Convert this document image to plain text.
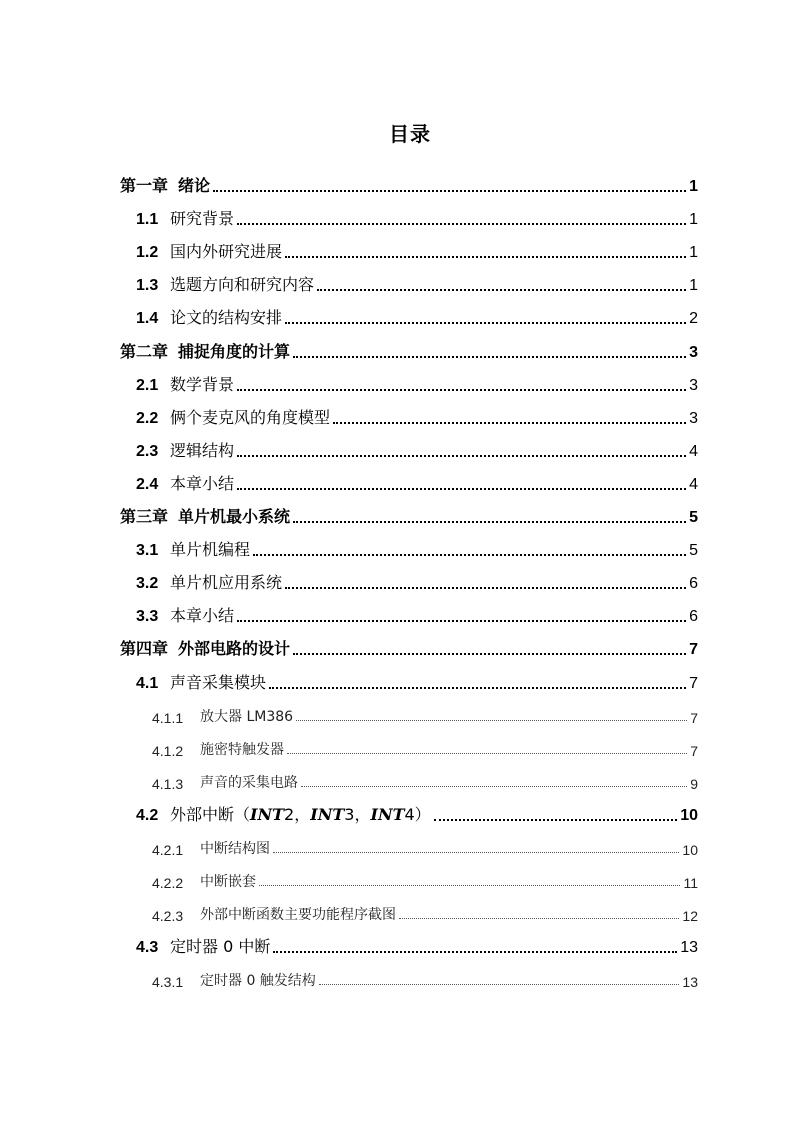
目录
第一章 绪论	1
1.1 研究背景	1
1.2 国内外研究进展	1
1.3 选题方向和研究内容	1
1.4 论文的结构安排	2
第二章 捕捉角度的计算	3
2.1 数学背景	3
2.2 俩个麦克风的角度模型	3
2.3 逻辑结构	4
2.4 本章小结	4
第三章 单片机最小系统	5
3.1 单片机编程	5
3.2 单片机应用系统	6
3.3 本章小结	6
第四章 外部电路的设计	7
4.1 声音采集模块	7
4.1.1	放大器 LM386	7
4.1.2	施密特触发器	7
4.1.3	声音的采集电路	9
4.2 外部中断（INT2，INT3，INT4）	10
4.2.1	中断结构图	10
4.2.2	中断嵌套	11
4.2.3	外部中断函数主要功能程序截图	12
4.3 定时器 0 中断	13
4.3.1	定时器 0 触发结构	13
